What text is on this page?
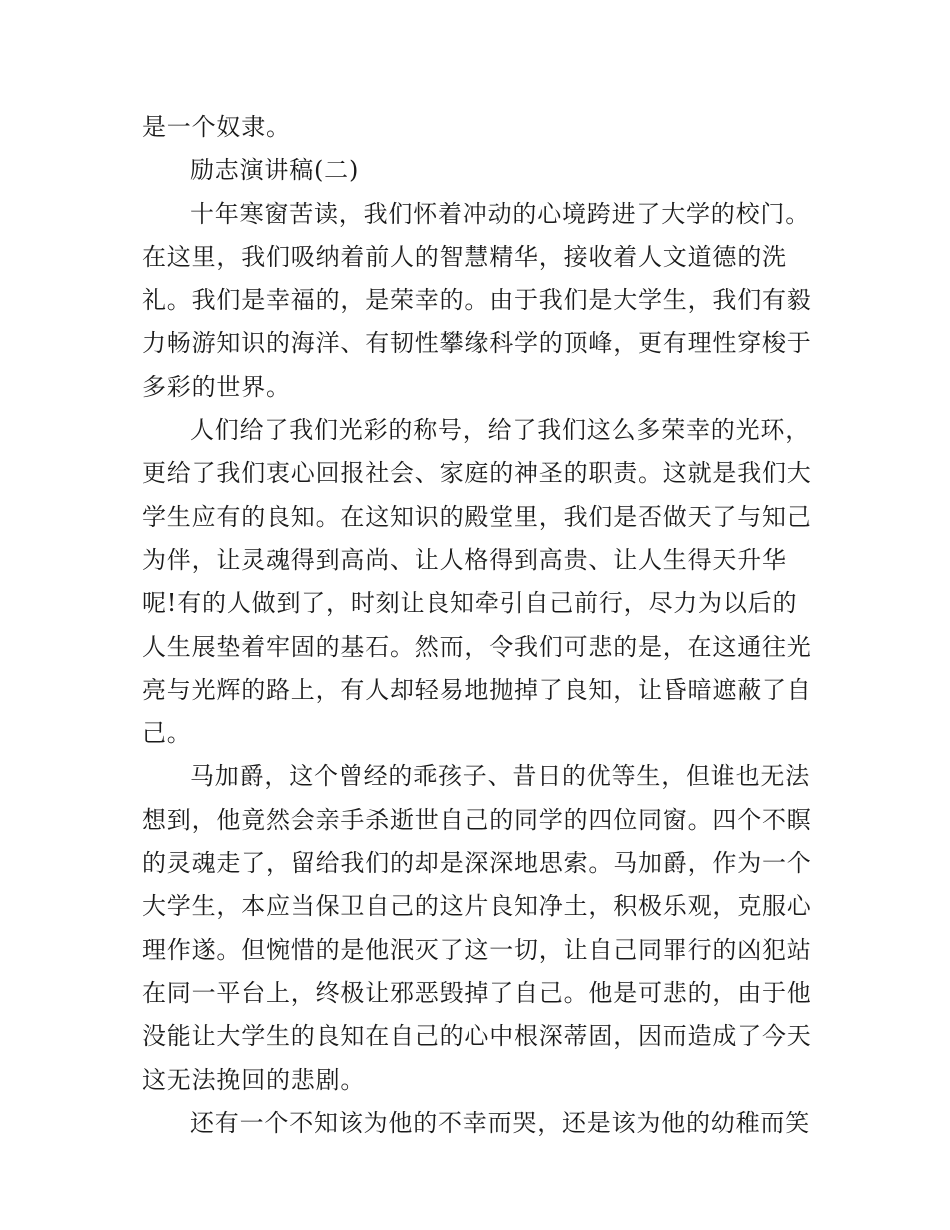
是一个奴隶。
励志演讲稿(二)
十年寒窗苦读，我们怀着冲动的心境跨进了大学的校门。
在这里，我们吸纳着前人的智慧精华，接收着人文道德的洗
礼。我们是幸福的，是荣幸的。由于我们是大学生，我们有毅
力畅游知识的海洋、有韧性攀缘科学的顶峰，更有理性穿梭于
多彩的世界。
人们给了我们光彩的称号，给了我们这么多荣幸的光环，
更给了我们衷心回报社会、家庭的神圣的职责。这就是我们大
学生应有的良知。在这知识的殿堂里，我们是否做天了与知己
为伴，让灵魂得到高尚、让人格得到高贵、让人生得天升华
呢!有的人做到了，时刻让良知牵引自己前行，尽力为以后的
人生展垫着牢固的基石。然而，令我们可悲的是，在这通往光
亮与光辉的路上，有人却轻易地抛掉了良知，让昏暗遮蔽了自
己。
马加爵，这个曾经的乖孩子、昔日的优等生，但谁也无法
想到，他竟然会亲手杀逝世自己的同学的四位同窗。四个不瞑
的灵魂走了，留给我们的却是深深地思索。马加爵，作为一个
大学生，本应当保卫自己的这片良知净土，积极乐观，克服心
理作遂。但惋惜的是他泯灭了这一切，让自己同罪行的凶犯站
在同一平台上，终极让邪恶毁掉了自己。他是可悲的，由于他
没能让大学生的良知在自己的心中根深蒂固，因而造成了今天
这无法挽回的悲剧。
还有一个不知该为他的不幸而哭，还是该为他的幼稚而笑
